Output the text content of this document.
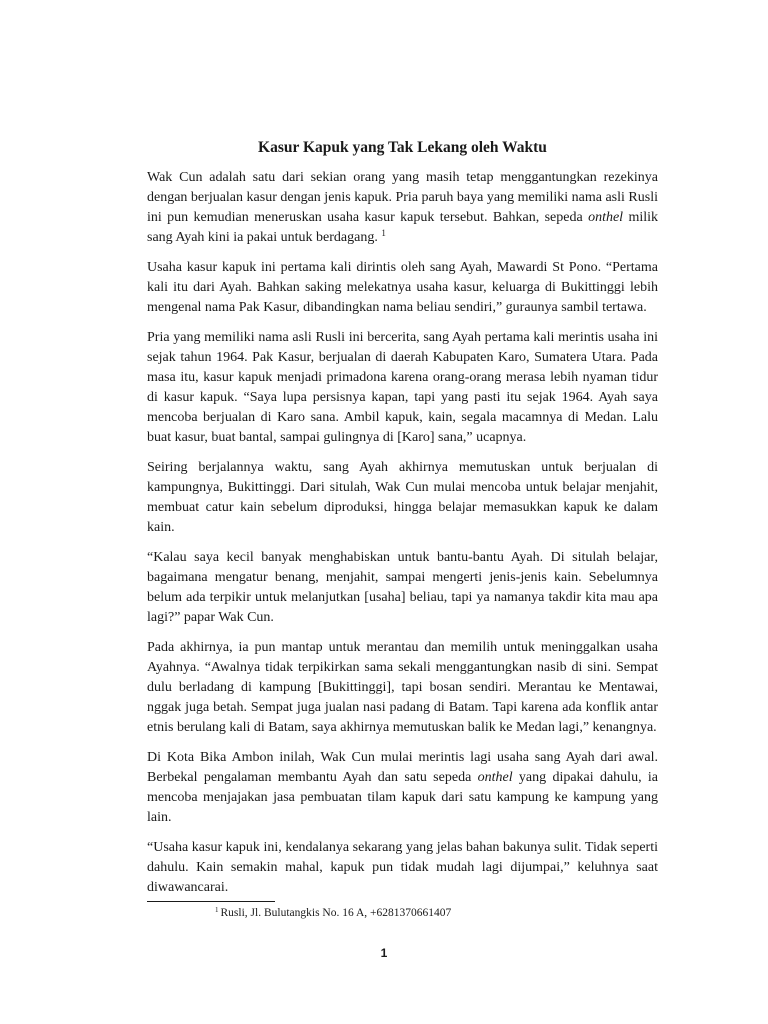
Kasur Kapuk yang Tak Lekang oleh Waktu

Wak Cun adalah satu dari sekian orang yang masih tetap menggantungkan rezekinya dengan berjualan kasur dengan jenis kapuk. Pria paruh baya yang memiliki nama asli Rusli ini pun kemudian meneruskan usaha kasur kapuk tersebut. Bahkan, sepeda onthel milik sang Ayah kini ia pakai untuk berdagang. $^1$

Usaha kasur kapuk ini pertama kali dirintis oleh sang Ayah, Mawardi St Pono. “Pertama kali itu dari Ayah. Bahkan saking melekatnya usaha kasur, keluarga di Bukittinggi lebih mengenal nama Pak Kasur, dibandingkan nama beliau sendiri,” guraunya sambil tertawa.

Pria yang memiliki nama asli Rusli ini bercerita, sang Ayah pertama kali merintis usaha ini sejak tahun 1964. Pak Kasur, berjualan di daerah Kabupaten Karo, Sumatera Utara. Pada masa itu, kasur kapuk menjadi primadona karena orang-orang merasa lebih nyaman tidur di kasur kapuk. “Saya lupa persisnya kapan, tapi yang pasti itu sejak 1964. Ayah saya mencoba berjualan di Karo sana. Ambil kapuk, kain, segala macamnya di Medan. Lalu buat kasur, buat bantal, sampai gulingnya di [Karo] sana,” ucapnya.

Seiring berjalannya waktu, sang Ayah akhirnya memutuskan untuk berjualan di kampungnya, Bukittinggi. Dari situlah, Wak Cun mulai mencoba untuk belajar menjahit, membuat catur kain sebelum diproduksi, hingga belajar memasukkan kapuk ke dalam kain.

“Kalau saya kecil banyak menghabiskan untuk bantu-bantu Ayah. Di situlah belajar, bagaimana mengatur benang, menjahit, sampai mengerti jenis-jenis kain. Sebelumnya belum ada terpikir untuk melanjutkan [usaha] beliau, tapi ya namanya takdir kita mau apa lagi?” papar Wak Cun.

Pada akhirnya, ia pun mantap untuk merantau dan memilih untuk meninggalkan usaha Ayahnya. “Awalnya tidak terpikirkan sama sekali menggantungkan nasib di sini. Sempat dulu berladang di kampung [Bukittinggi], tapi bosan sendiri. Merantau ke Mentawai, nggak juga betah. Sempat juga jualan nasi padang di Batam. Tapi karena ada konflik antar etnis berulang kali di Batam, saya akhirnya memutuskan balik ke Medan lagi,” kenangnya.

Di Kota Bika Ambon inilah, Wak Cun mulai merintis lagi usaha sang Ayah dari awal. Berbekal pengalaman membantu Ayah dan satu sepeda onthel yang dipakai dahulu, ia mencoba menjajakan jasa pembuatan tilam kapuk dari satu kampung ke kampung yang lain.

“Usaha kasur kapuk ini, kendalanya sekarang yang jelas bahan bakunya sulit. Tidak seperti dahulu. Kain semakin mahal, kapuk pun tidak mudah lagi dijumpai,” keluhnya saat diwawancarai.

$^1$ Rusli, Jl. Bulutangkis No. 16 A, +6281370661407
1
